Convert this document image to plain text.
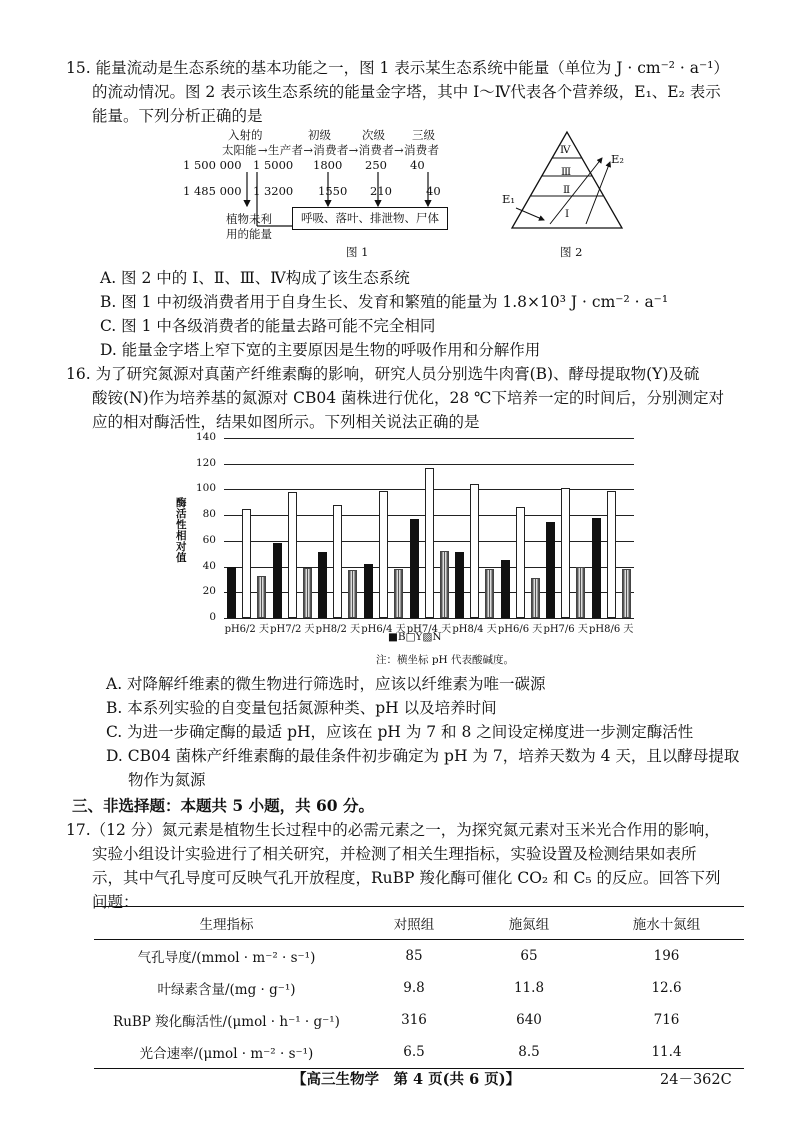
15. 能量流动是生态系统的基本功能之一，图 1 表示某生态系统中能量（单位为 J · cm⁻² · a⁻¹）
的流动情况。图 2 表示该生态系统的能量金字塔，其中 Ⅰ～Ⅳ代表各个营养级，E₁、E₂ 表示
能量。下列分析正确的是
入射的	初级	次级 三级
太阳能 →生产者→消费者→消费者→消费者
1 500 000 1 5000 1800 250 40
1 485 000 1 3200 1550 210	40
植物未利
用的能量
呼吸、落叶、排泄物、尸体
图 1
Ⅳ
Ⅲ
Ⅱ
Ⅰ
E₁
E₂
图 2
A. 图 2 中的 Ⅰ、Ⅱ、Ⅲ、Ⅳ构成了该生态系统
B. 图 1 中初级消费者用于自身生长、发育和繁殖的能量为 1.8×10³ J · cm⁻² · a⁻¹
C. 图 1 中各级消费者的能量去路可能不完全相同
D. 能量金字塔上窄下宽的主要原因是生物的呼吸作用和分解作用
16. 为了研究氮源对真菌产纤维素酶的影响，研究人员分别选牛肉膏(B)、酵母提取物(Y)及硫
酸铵(N)作为培养基的氮源对 CB04 菌株进行优化，28 ℃下培养一定的时间后，分别测定对
应的相对酶活性，结果如图所示。下列相关说法正确的是
酶活性相对值
0
20
40
60
80
100
120
140
pH6/2 天 pH7/2 天 pH8/2 天 pH6/4 天 pH7/4 天 pH8/4 天 pH6/6 天 pH7/6 天 pH8/6 天
■B□Y▨N
注：横坐标 pH 代表酸碱度。
A. 对降解纤维素的微生物进行筛选时，应该以纤维素为唯一碳源
B. 本系列实验的自变量包括氮源种类、pH 以及培养时间
C. 为进一步确定酶的最适 pH，应该在 pH 为 7 和 8 之间设定梯度进一步测定酶活性
D. CB04 菌株产纤维素酶的最佳条件初步确定为 pH 为 7，培养天数为 4 天，且以酵母提取
物作为氮源
三、非选择题：本题共 5 小题，共 60 分。
17.（12 分）氮元素是植物生长过程中的必需元素之一，为探究氮元素对玉米光合作用的影响，
实验小组设计实验进行了相关研究，并检测了相关生理指标，实验设置及检测结果如表所
示，其中气孔导度可反映气孔开放程度，RuBP 羧化酶可催化 CO₂ 和 C₅ 的反应。回答下列
问题：
生理指标	对照组	施氮组	施水十氮组
气孔导度/(mmol · m⁻² · s⁻¹)	85	65	196
叶绿素含量/(mg · g⁻¹)	9.8	11.8	12.6
RuBP 羧化酶活性/(μmol · h⁻¹ · g⁻¹)	316	640	716
光合速率/(μmol · m⁻² · s⁻¹)	6.5	8.5	11.4
【高三生物学　第 4 页(共 6 页)】	24－362C
